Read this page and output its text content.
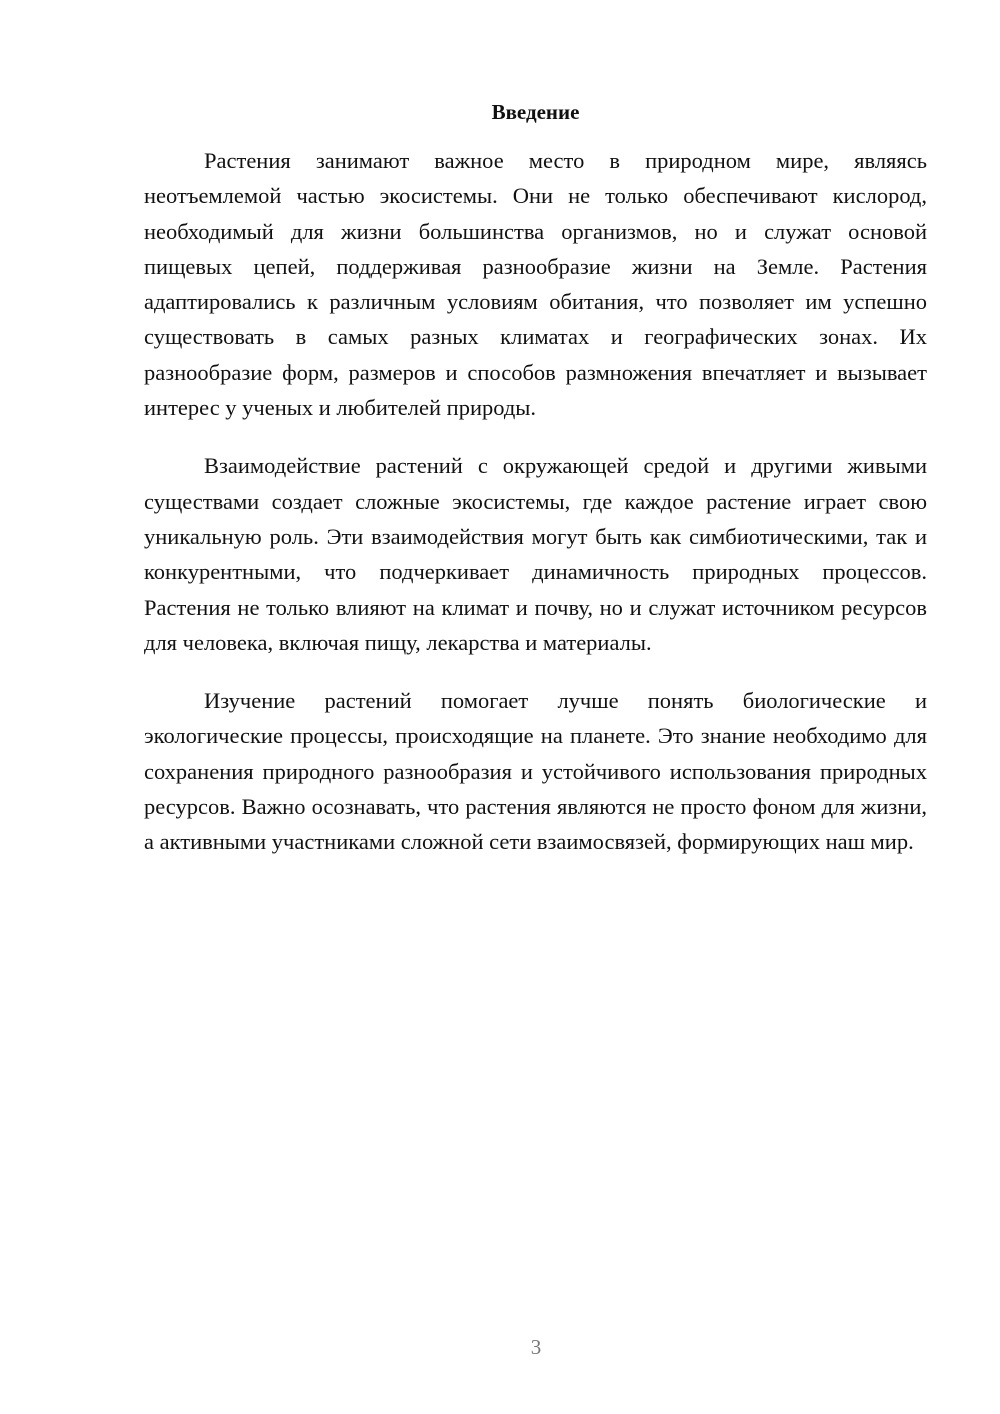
Введение

Растения занимают важное место в природном мире, являясь неотъемлемой частью экосистемы. Они не только обеспечивают кислород, необходимый для жизни большинства организмов, но и служат основой пищевых цепей, поддерживая разнообразие жизни на Земле. Растения адаптировались к различным условиям обитания, что позволяет им успешно существовать в самых разных климатах и географических зонах. Их разнообразие форм, размеров и способов размножения впечатляет и вызывает интерес у ученых и любителей природы.

Взаимодействие растений с окружающей средой и другими живыми существами создает сложные экосистемы, где каждое растение играет свою уникальную роль. Эти взаимодействия могут быть как симбиотическими, так и конкурентными, что подчеркивает динамичность природных процессов. Растения не только влияют на климат и почву, но и служат источником ресурсов для человека, включая пищу, лекарства и материалы.

Изучение растений помогает лучше понять биологические и экологические процессы, происходящие на планете. Это знание необходимо для сохранения природного разнообразия и устойчивого использования природных ресурсов. Важно осознавать, что растения являются не просто фоном для жизни, а активными участниками сложной сети взаимосвязей, формирующих наш мир.

3
